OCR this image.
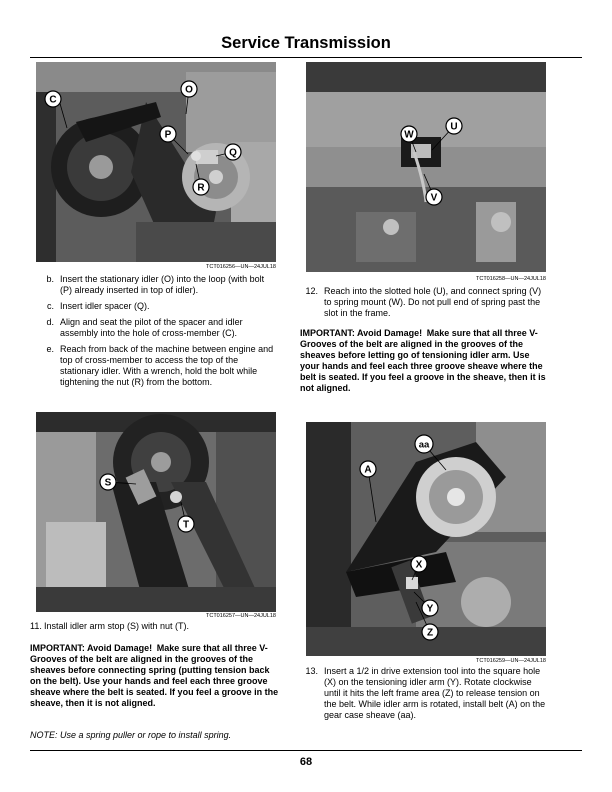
Service Transmission
C
O
P
Q
R
TCT016256—UN—24JUL18
W
U
V
TCT016258—UN—24JUL18
b. Insert the stationary idler (O) into the loop (with bolt (P) already inserted in top of idler).
c. Insert idler spacer (Q).
d. Align and seat the pilot of the spacer and idler assembly into the hole of cross-member (C).
e. Reach from back of the machine between engine and top of cross-member to access the top of the stationary idler. With a wrench, hold the bolt while tightening the nut (R) from the bottom.
12. Reach into the slotted hole (U), and connect spring (V) to spring mount (W). Do not pull end of spring past the slot in the frame.
IMPORTANT: Avoid Damage! Make sure that all three V-Grooves of the belt are aligned in the grooves of the sheaves before letting go of tensioning idler arm. Use your hands and feel each three groove sheave where the belt is seated. If you feel a groove in the sheave, then it is not aligned.
S
T
TCT016257—UN—24JUL18
aa
A
X
Y
Z
TCT016259—UN—24JUL18
11. Install idler arm stop (S) with nut (T).
IMPORTANT: Avoid Damage! Make sure that all three V-Grooves of the belt are aligned in the grooves of the sheaves before connecting spring (putting tension back on the belt). Use your hands and feel each three groove sheave where the belt is seated. If you feel a groove in the sheave, then it is not aligned.
NOTE: Use a spring puller or rope to install spring.
13. Insert a 1/2 in drive extension tool into the square hole (X) on the tensioning idler arm (Y). Rotate clockwise until it hits the left frame area (Z) to release tension on the belt. While idler arm is rotated, install belt (A) on the gear case sheave (aa).
68
